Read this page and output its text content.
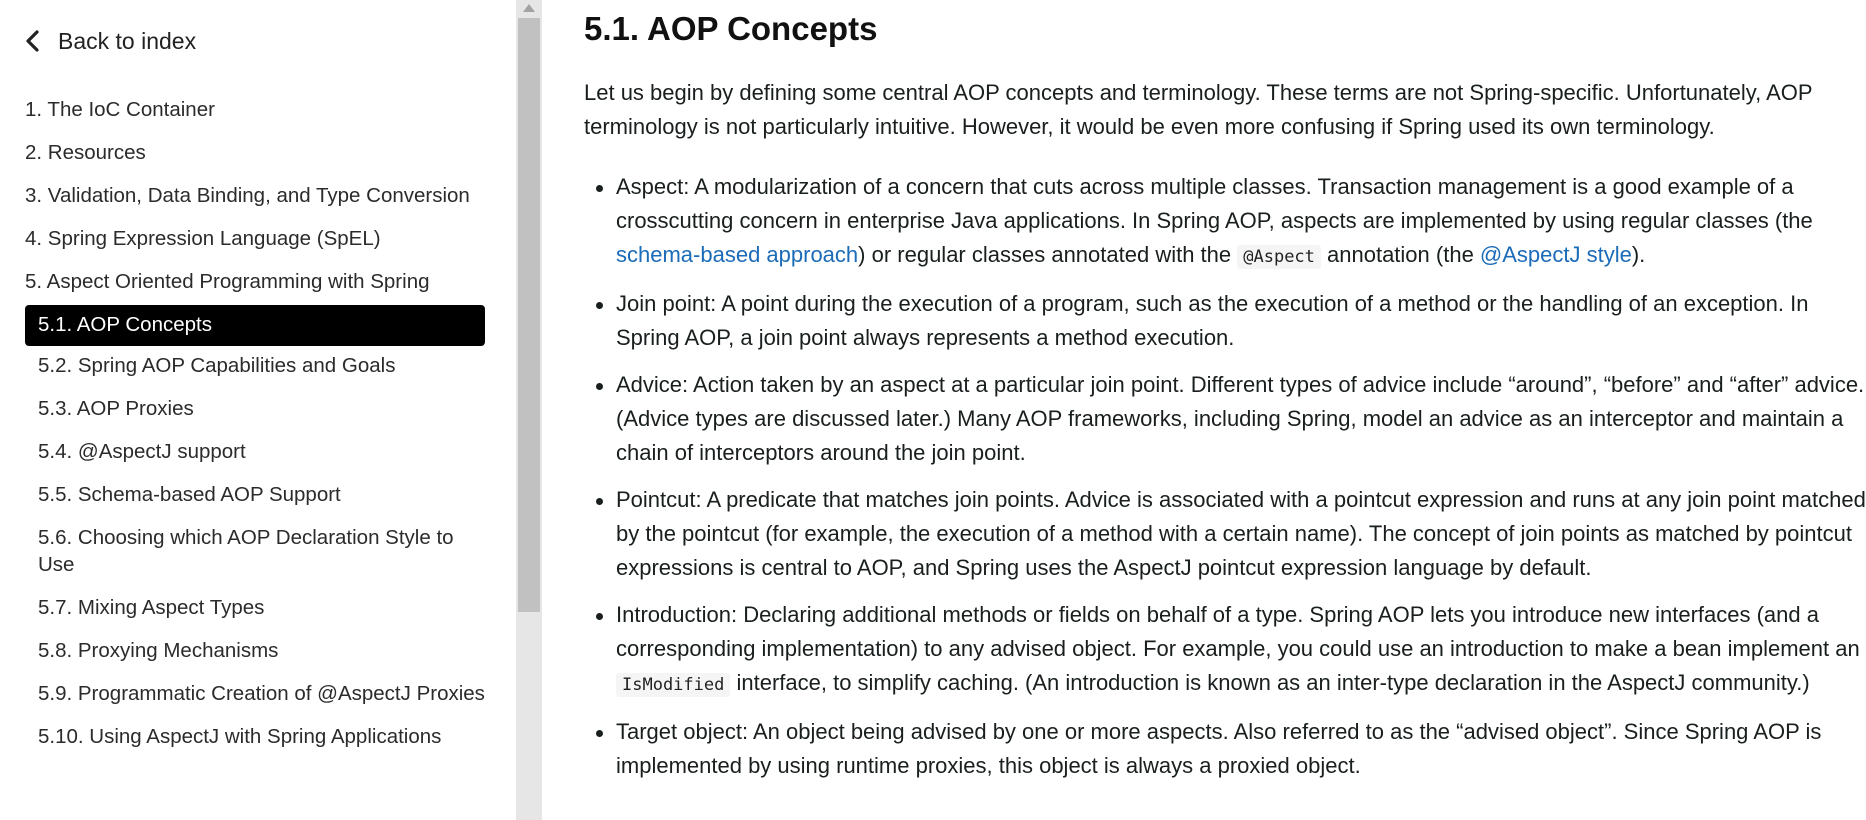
Back to index
1. The IoC Container
2. Resources
3. Validation, Data Binding, and Type Conversion
4. Spring Expression Language (SpEL)
5. Aspect Oriented Programming with Spring
5.1. AOP Concepts
5.2. Spring AOP Capabilities and Goals
5.3. AOP Proxies
5.4. @AspectJ support
5.5. Schema-based AOP Support
5.6. Choosing which AOP Declaration Style to Use
5.7. Mixing Aspect Types
5.8. Proxying Mechanisms
5.9. Programmatic Creation of @AspectJ Proxies
5.10. Using AspectJ with Spring Applications
5.1. AOP Concepts

Let us begin by defining some central AOP concepts and terminology. These terms are not Spring-specific. Unfortunately, AOP terminology is not particularly intuitive. However, it would be even more confusing if Spring used its own terminology.

Aspect: A modularization of a concern that cuts across multiple classes. Transaction management is a good example of a crosscutting concern in enterprise Java applications. In Spring AOP, aspects are implemented by using regular classes (the schema-based approach) or regular classes annotated with the @Aspect annotation (the @AspectJ style).
Join point: A point during the execution of a program, such as the execution of a method or the handling of an exception. In Spring AOP, a join point always represents a method execution.
Advice: Action taken by an aspect at a particular join point. Different types of advice include “around”, “before” and “after” advice. (Advice types are discussed later.) Many AOP frameworks, including Spring, model an advice as an interceptor and maintain a chain of interceptors around the join point.
Pointcut: A predicate that matches join points. Advice is associated with a pointcut expression and runs at any join point matched by the pointcut (for example, the execution of a method with a certain name). The concept of join points as matched by pointcut expressions is central to AOP, and Spring uses the AspectJ pointcut expression language by default.
Introduction: Declaring additional methods or fields on behalf of a type. Spring AOP lets you introduce new interfaces (and a corresponding implementation) to any advised object. For example, you could use an introduction to make a bean implement an IsModified interface, to simplify caching. (An introduction is known as an inter-type declaration in the AspectJ community.)
Target object: An object being advised by one or more aspects. Also referred to as the “advised object”. Since Spring AOP is implemented by using runtime proxies, this object is always a proxied object.
